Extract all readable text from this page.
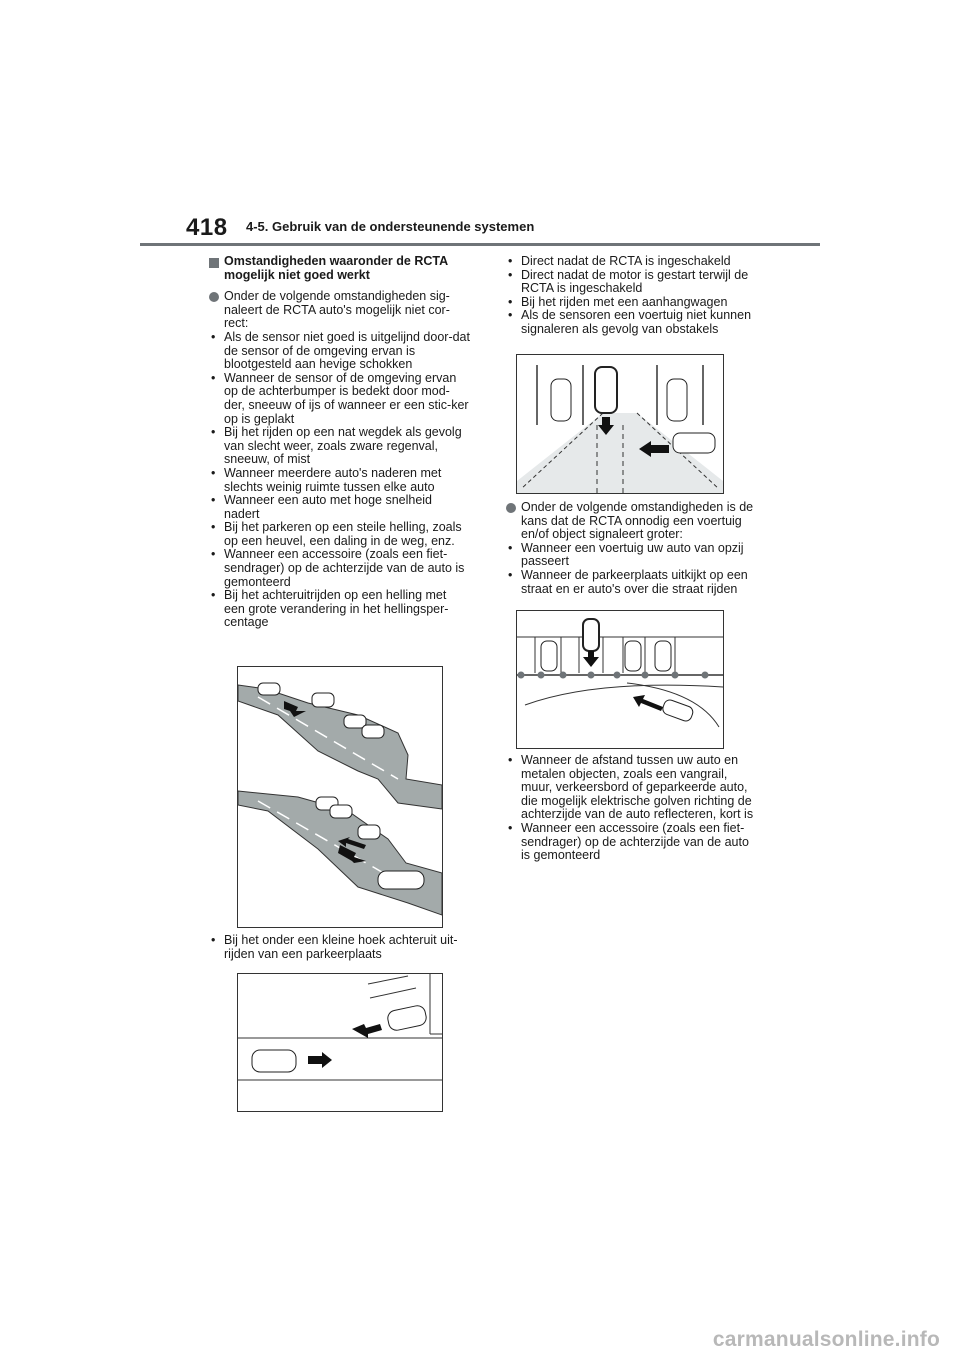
418 4-5. Gebruik van de ondersteunende systemen
Omstandigheden waaronder de RCTA mogelijk niet goed werkt
Onder de volgende omstandigheden sig-naleert de RCTA auto's mogelijk niet cor-rect:
• Als de sensor niet goed is uitgelijnd door-dat de sensor of de omgeving ervan is blootgesteld aan hevige schokken
• Wanneer de sensor of de omgeving ervan op de achterbumper is bedekt door mod-der, sneeuw of ijs of wanneer er een stic-ker op is geplakt
• Bij het rijden op een nat wegdek als gevolg van slecht weer, zoals zware regenval, sneeuw, of mist
• Wanneer meerdere auto's naderen met slechts weinig ruimte tussen elke auto
• Wanneer een auto met hoge snelheid nadert
• Bij het parkeren op een steile helling, zoals op een heuvel, een daling in de weg, enz.
• Wanneer een accessoire (zoals een fiet-sendrager) op de achterzijde van de auto is gemonteerd
• Bij het achteruitrijden op een helling met een grote verandering in het hellingsper-centage
• Bij het onder een kleine hoek achteruit uit-rijden van een parkeerplaats
• Direct nadat de RCTA is ingeschakeld
• Direct nadat de motor is gestart terwijl de RCTA is ingeschakeld
• Bij het rijden met een aanhangwagen
• Als de sensoren een voertuig niet kunnen signaleren als gevolg van obstakels
Onder de volgende omstandigheden is de kans dat de RCTA onnodig een voertuig en/of object signaleert groter:
• Wanneer een voertuig uw auto van opzij passeert
• Wanneer de parkeerplaats uitkijkt op een straat en er auto's over die straat rijden
• Wanneer de afstand tussen uw auto en metalen objecten, zoals een vangrail, muur, verkeersbord of geparkeerde auto, die mogelijk elektrische golven richting de achterzijde van de auto reflecteren, kort is
• Wanneer een accessoire (zoals een fiet-sendrager) op de achterzijde van de auto is gemonteerd
carmanualsonline.info
